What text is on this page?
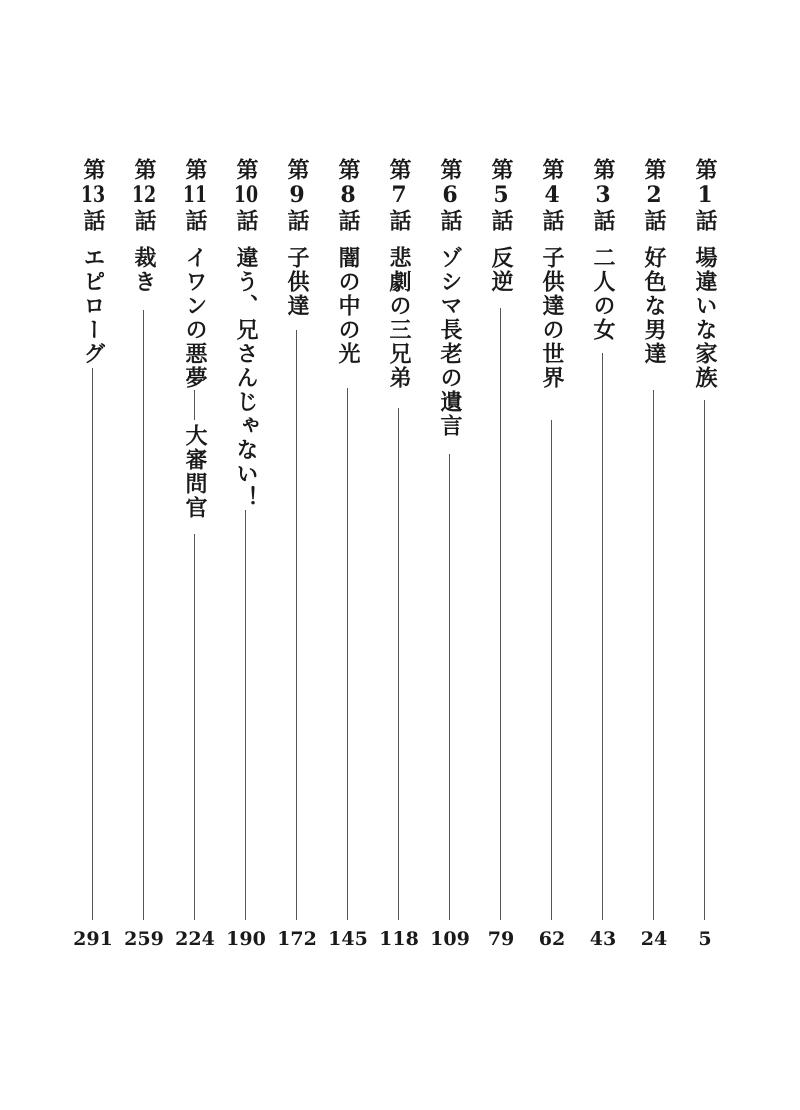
第
1
話
場違いな家族
5
第
2
話
好色な男達
24
第
3
話
二人の女
43
第
4
話
子供達の世界
62
第
5
話
反逆
79
第
6
話
ゾシマ長老の遺言
109
第
7
話
悲劇の三兄弟
118
第
8
話
闇の中の光
145
第
9
話
子供達
172
第
10
話
違う、兄さんじゃない！
190
第
11
話
イワンの悪夢
大審問官
224
第
12
話
裁き
259
第
13
話
エピローグ
291
